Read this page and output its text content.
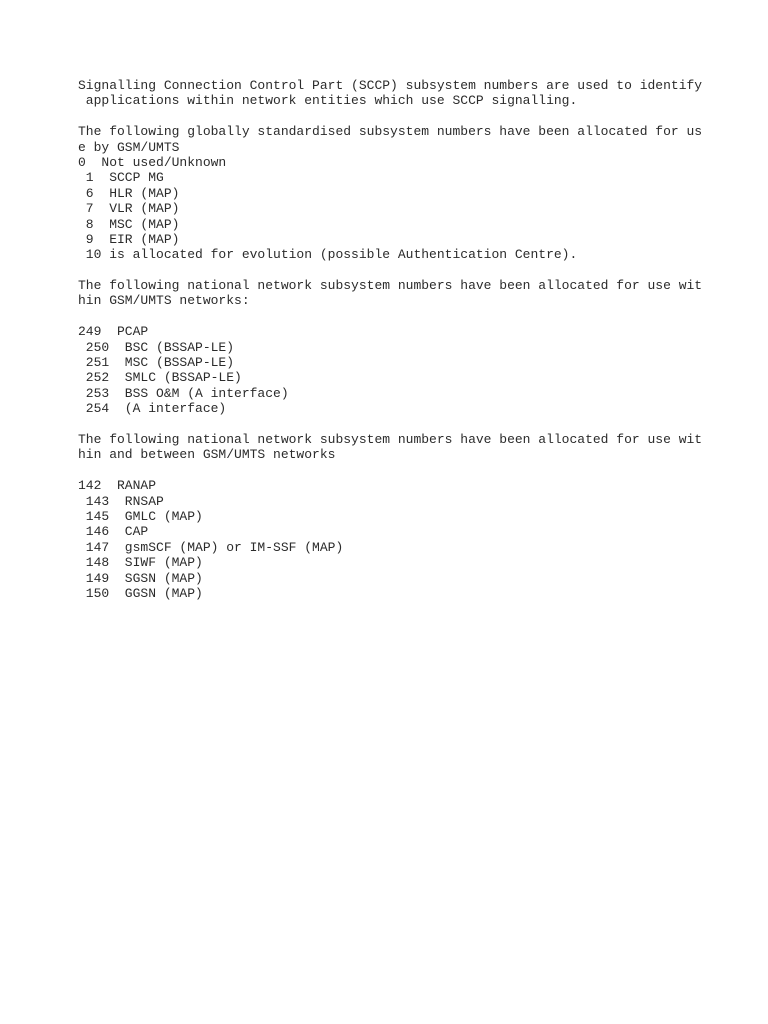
Signalling Connection Control Part (SCCP) subsystem numbers are used to identify
applications within network entities which use SCCP signalling.
The following globally standardised subsystem numbers have been allocated for us
e by GSM/UMTS
0  Not used/Unknown
1  SCCP MG
6  HLR (MAP)
7  VLR (MAP)
8  MSC (MAP)
9  EIR (MAP)
10 is allocated for evolution (possible Authentication Centre).
The following national network subsystem numbers have been allocated for use wit
hin GSM/UMTS networks:
249  PCAP
250  BSC (BSSAP-LE)
251  MSC (BSSAP-LE)
252  SMLC (BSSAP-LE)
253  BSS O&M (A interface)
254  (A interface)
The following national network subsystem numbers have been allocated for use wit
hin and between GSM/UMTS networks
142  RANAP
143  RNSAP
145  GMLC (MAP)
146  CAP
147  gsmSCF (MAP) or IM-SSF (MAP)
148  SIWF (MAP)
149  SGSN (MAP)
150  GGSN (MAP)
